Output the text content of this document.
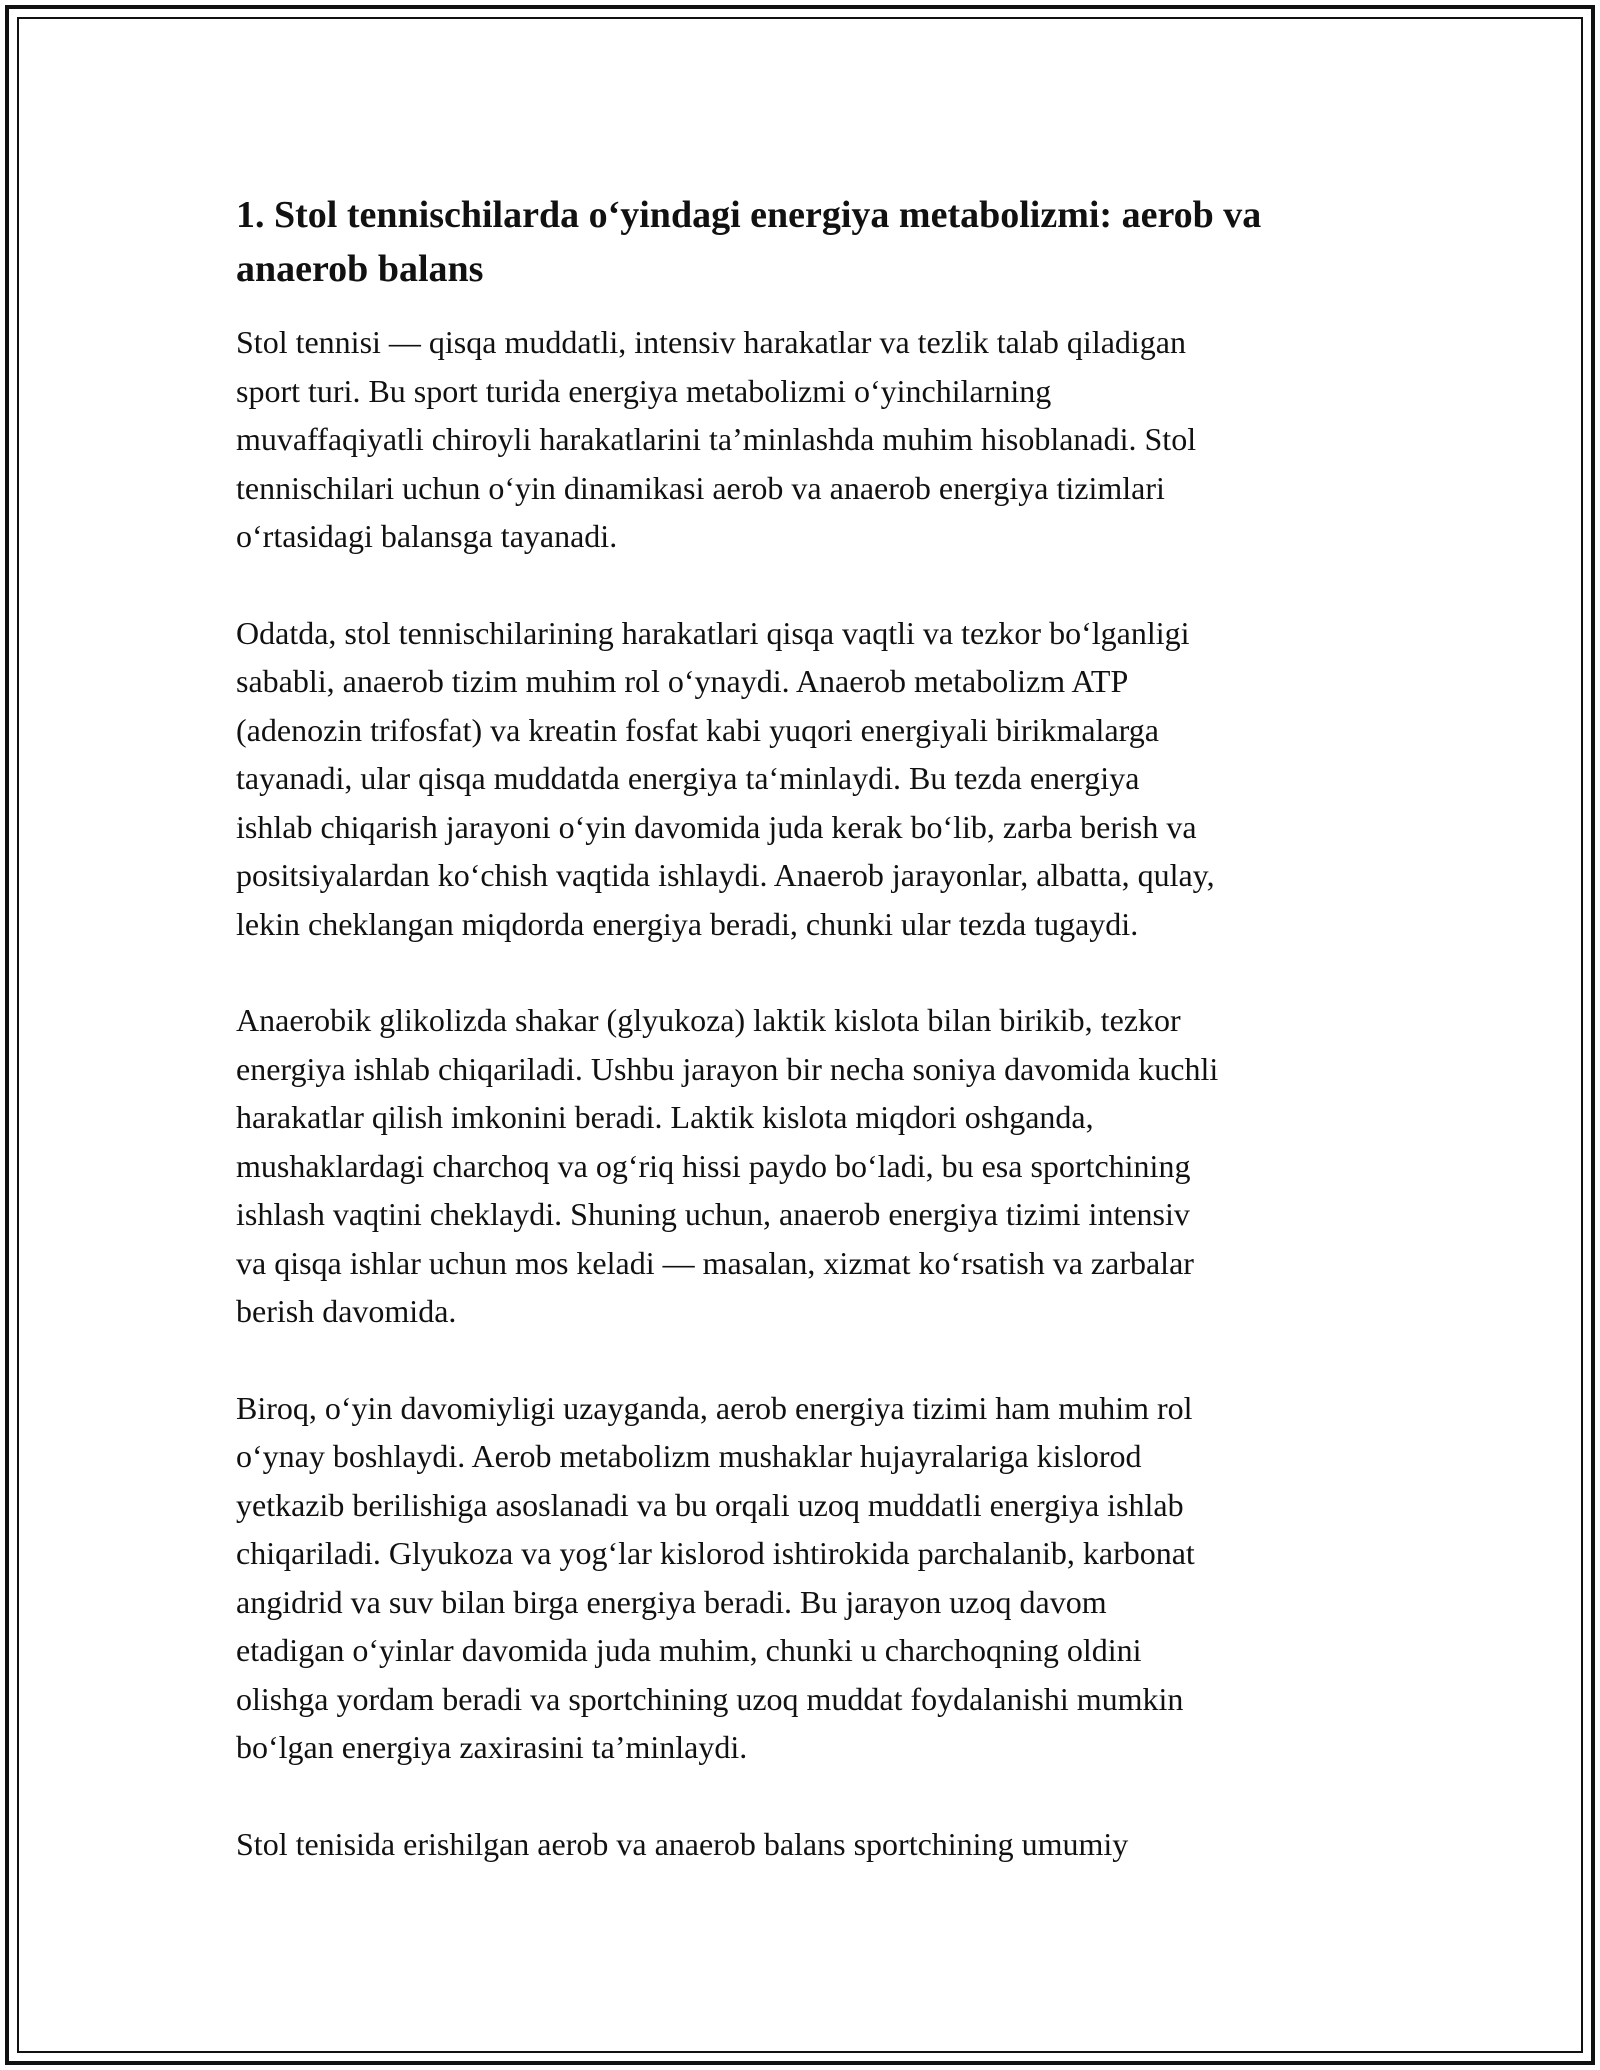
1. Stol tennischilarda o‘yindagi energiya metabolizmi: aerob va
anaerob balans

Stol tennisi — qisqa muddatli, intensiv harakatlar va tezlik talab qiladigan
sport turi. Bu sport turida energiya metabolizmi o‘yinchilarning
muvaffaqiyatli chiroyli harakatlarini ta’minlashda muhim hisoblanadi. Stol
tennischilari uchun o‘yin dinamikasi aerob va anaerob energiya tizimlari
o‘rtasidagi balansga tayanadi.

Odatda, stol tennischilarining harakatlari qisqa vaqtli va tezkor bo‘lganligi
sababli, anaerob tizim muhim rol o‘ynaydi. Anaerob metabolizm ATP
(adenozin trifosfat) va kreatin fosfat kabi yuqori energiyali birikmalarga
tayanadi, ular qisqa muddatda energiya ta‘minlaydi. Bu tezda energiya
ishlab chiqarish jarayoni o‘yin davomida juda kerak bo‘lib, zarba berish va
positsiyalardan ko‘chish vaqtida ishlaydi. Anaerob jarayonlar, albatta, qulay,
lekin cheklangan miqdorda energiya beradi, chunki ular tezda tugaydi.

Anaerobik glikolizda shakar (glyukoza) laktik kislota bilan birikib, tezkor
energiya ishlab chiqariladi. Ushbu jarayon bir necha soniya davomida kuchli
harakatlar qilish imkonini beradi. Laktik kislota miqdori oshganda,
mushaklardagi charchoq va og‘riq hissi paydo bo‘ladi, bu esa sportchining
ishlash vaqtini cheklaydi. Shuning uchun, anaerob energiya tizimi intensiv
va qisqa ishlar uchun mos keladi — masalan, xizmat ko‘rsatish va zarbalar
berish davomida.

Biroq, o‘yin davomiyligi uzayganda, aerob energiya tizimi ham muhim rol
o‘ynay boshlaydi. Aerob metabolizm mushaklar hujayralariga kislorod
yetkazib berilishiga asoslanadi va bu orqali uzoq muddatli energiya ishlab
chiqariladi. Glyukoza va yog‘lar kislorod ishtirokida parchalanib, karbonat
angidrid va suv bilan birga energiya beradi. Bu jarayon uzoq davom
etadigan o‘yinlar davomida juda muhim, chunki u charchoqning oldini
olishga yordam beradi va sportchining uzoq muddat foydalanishi mumkin
bo‘lgan energiya zaxirasini ta’minlaydi.

Stol tenisida erishilgan aerob va anaerob balans sportchining umumiy
